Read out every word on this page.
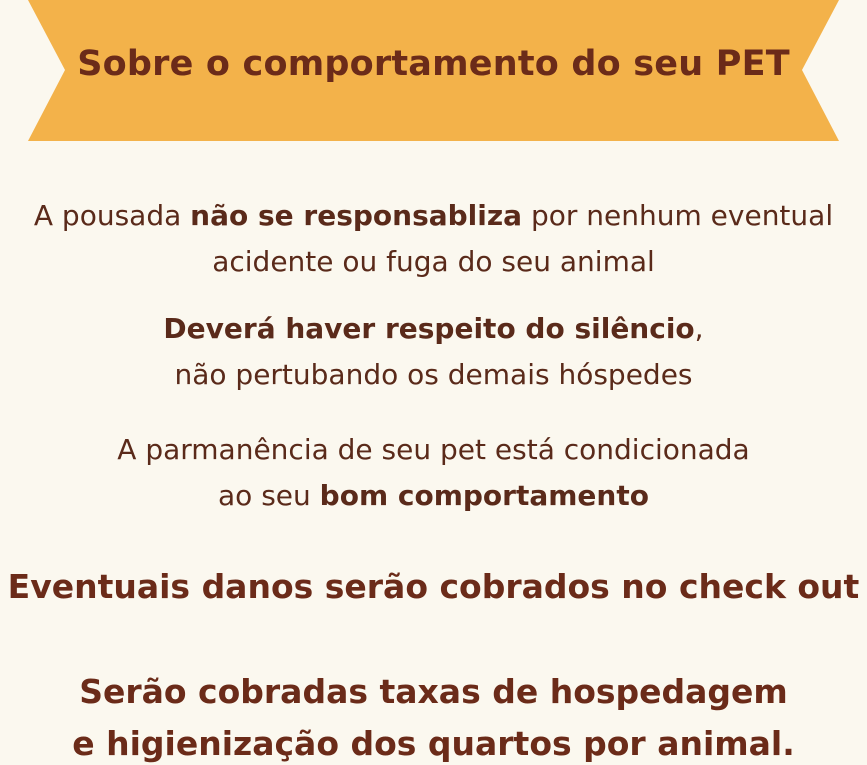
Sobre o comportamento do seu PET
A pousada não se responsabliza por nenhum eventual
acidente ou fuga do seu animal
Deverá haver respeito do silêncio,
não pertubando os demais hóspedes
A parmanência de seu pet está condicionada
ao seu bom comportamento
Eventuais danos serão cobrados no check out
Serão cobradas taxas de hospedagem
e higienização dos quartos por animal.
